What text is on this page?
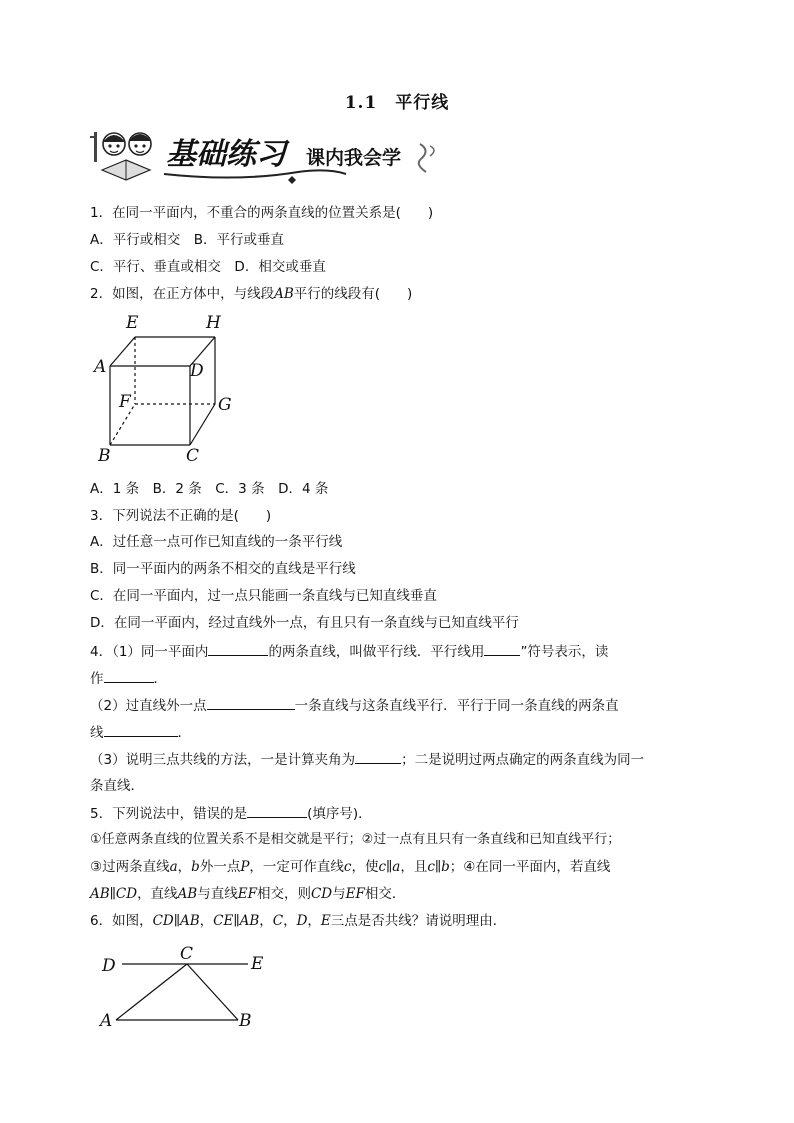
1.1 平行线
基础练习 课内我会学
1．在同一平面内，不重合的两条直线的位置关系是(　　)
A．平行或相交　B．平行或垂直
C．平行、垂直或相交　D．相交或垂直
2．如图，在正方体中，与线段AB平行的线段有(　　)
E	H
A	D
F	G
B	C
A．1 条　B．2 条　C．3 条　D．4 条
3．下列说法不正确的是(　　)
A．过任意一点可作已知直线的一条平行线
B．同一平面内的两条不相交的直线是平行线
C．在同一平面内，过一点只能画一条直线与已知直线垂直
D．在同一平面内，经过直线外一点，有且只有一条直线与已知直线平行
4．（1）同一平面内	的两条直线，叫做平行线．平行线用	”符号表示，读
作	．
（2）过直线外一点	一条直线与这条直线平行．平行于同一条直线的两条直
线	．
（3）说明三点共线的方法，一是计算夹角为	；二是说明过两点确定的两条直线为同一
条直线．
5．下列说法中，错误的是	(填序号)．
①任意两条直线的位置关系不是相交就是平行；②过一点有且只有一条直线和已知直线平行；
③过两条直线a，b外一点P，一定可作直线c，使c∥a，且c∥b；④在同一平面内，若直线
AB∥CD，直线AB与直线EF相交，则CD与EF相交．
6．如图，CD∥AB，CE∥AB，C，D，E三点是否共线？请说明理由．
D
C	E
A	B
